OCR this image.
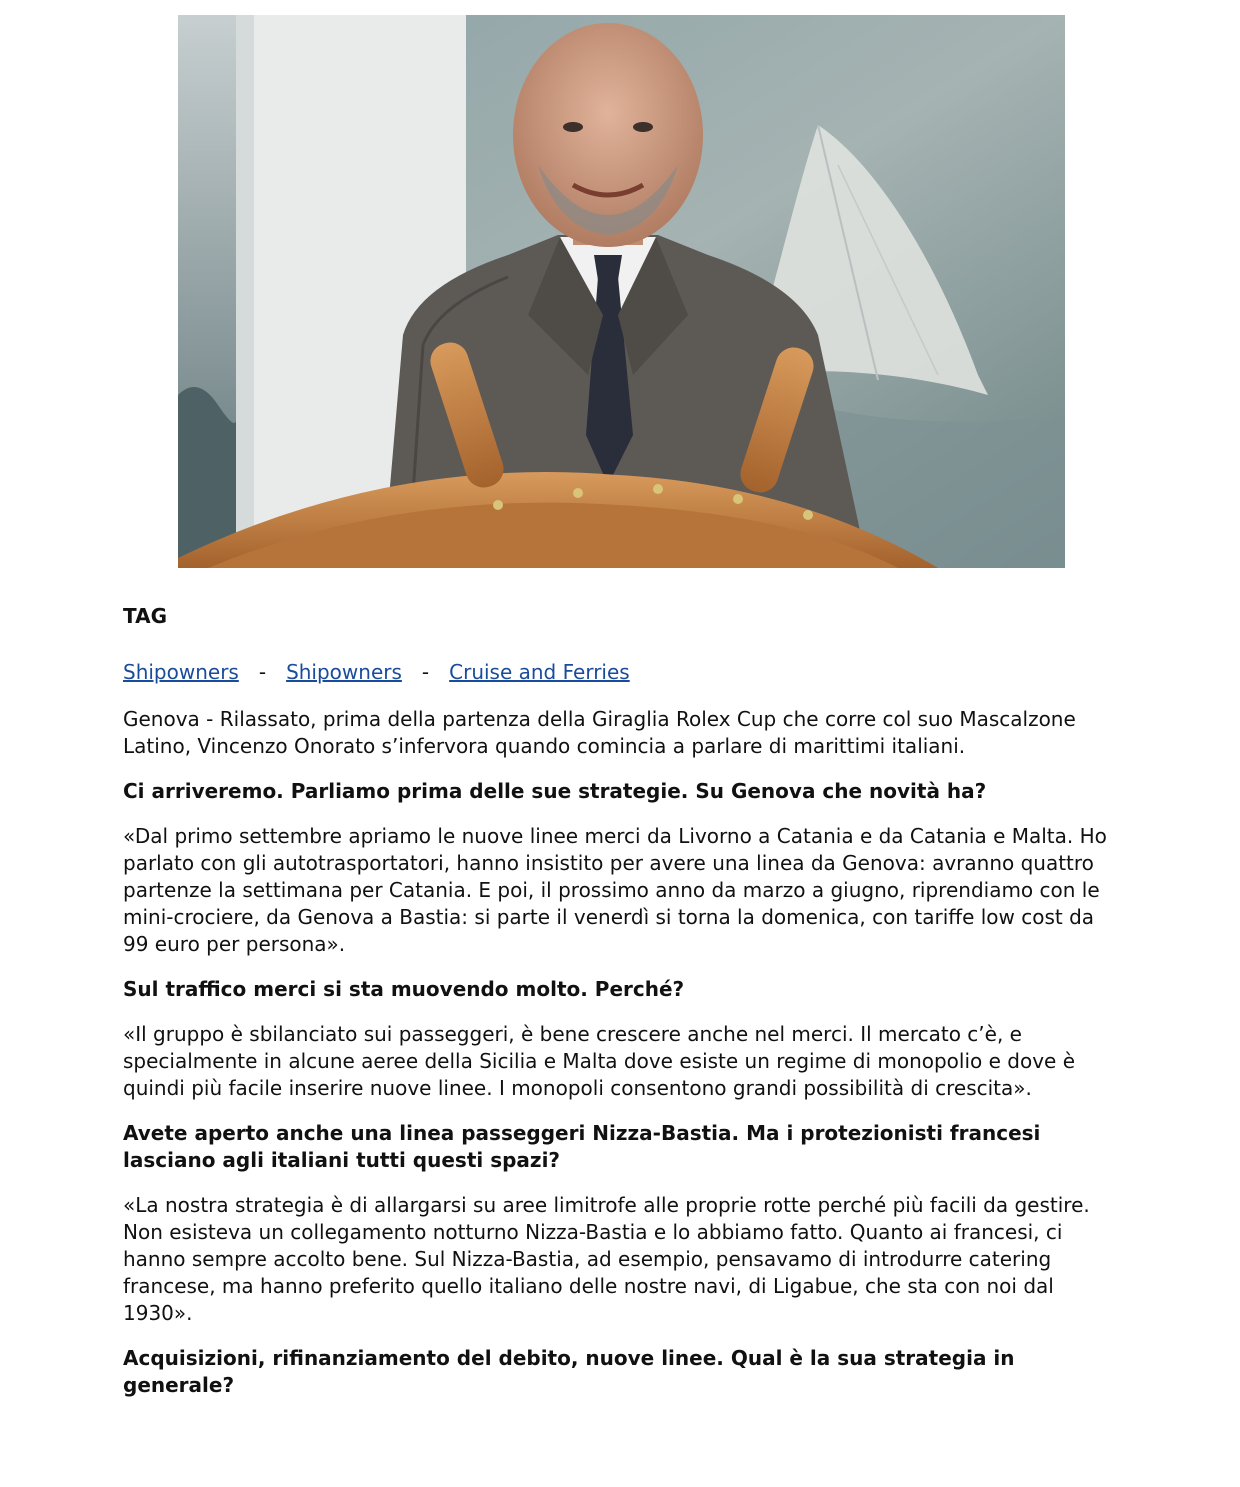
TAG
Shipowners - Shipowners - Cruise and Ferries

Genova - Rilassato, prima della partenza della Giraglia Rolex Cup che corre col suo Mascalzone Latino, Vincenzo Onorato s’infervora quando comincia a parlare di marittimi italiani.

Ci arriveremo. Parliamo prima delle sue strategie. Su Genova che novità ha?

«Dal primo settembre apriamo le nuove linee merci da Livorno a Catania e da Catania e Malta. Ho parlato con gli autotrasportatori, hanno insistito per avere una linea da Genova: avranno quattro partenze la settimana per Catania. E poi, il prossimo anno da marzo a giugno, riprendiamo con le mini-crociere, da Genova a Bastia: si parte il venerdì si torna la domenica, con tariffe low cost da 99 euro per persona».

Sul traffico merci si sta muovendo molto. Perché?

«Il gruppo è sbilanciato sui passeggeri, è bene crescere anche nel merci. Il mercato c’è, e specialmente in alcune aeree della Sicilia e Malta dove esiste un regime di monopolio e dove è quindi più facile inserire nuove linee. I monopoli consentono grandi possibilità di crescita».

Avete aperto anche una linea passeggeri Nizza-Bastia. Ma i protezionisti francesi lasciano agli italiani tutti questi spazi?

«La nostra strategia è di allargarsi su aree limitrofe alle proprie rotte perché più facili da gestire. Non esisteva un collegamento notturno Nizza-Bastia e lo abbiamo fatto. Quanto ai francesi, ci hanno sempre accolto bene. Sul Nizza-Bastia, ad esempio, pensavamo di introdurre catering francese, ma hanno preferito quello italiano delle nostre navi, di Ligabue, che sta con noi dal 1930».

Acquisizioni, rifinanziamento del debito, nuove linee. Qual è la sua strategia in generale?
